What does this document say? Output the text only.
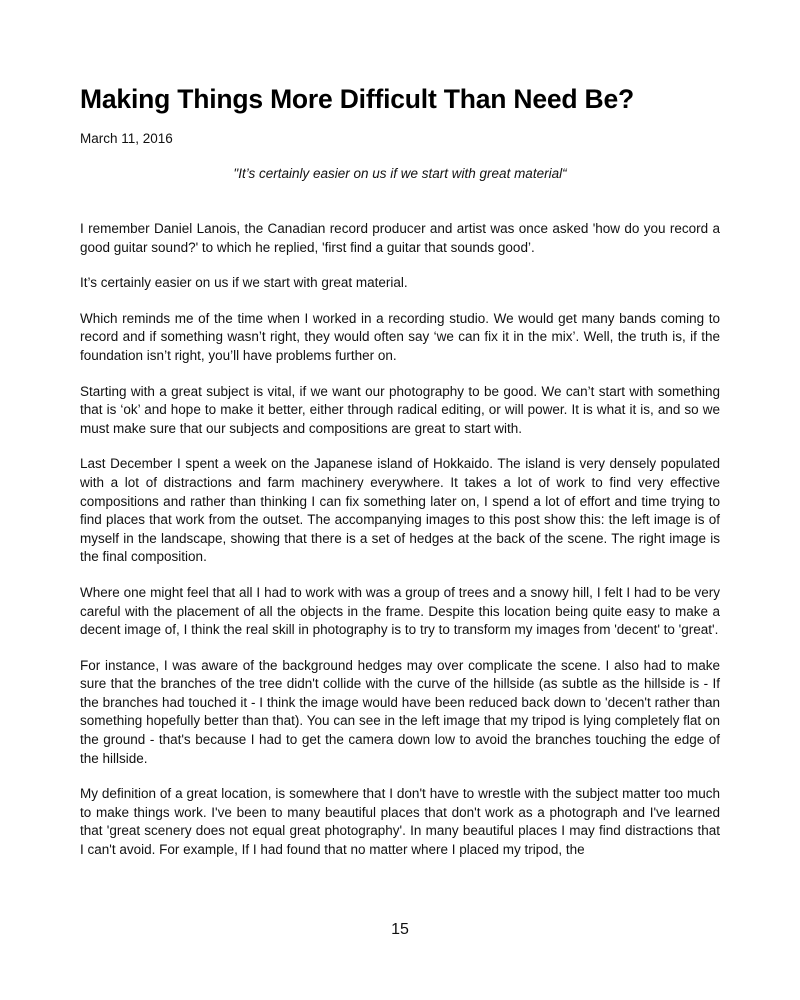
Making Things More Difficult Than Need Be?

March 11, 2016

"It’s certainly easier on us if we start with great material“

I remember Daniel Lanois, the Canadian record producer and artist was once asked 'how do you record a good guitar sound?' to which he replied, 'first find a guitar that sounds good’.

It’s certainly easier on us if we start with great material.

Which reminds me of the time when I worked in a recording studio. We would get many bands coming to record and if something wasn’t right, they would often say ‘we can fix it in the mix’. Well, the truth is, if the foundation isn’t right, you’ll have problems further on.

Starting with a great subject is vital, if we want our photography to be good. We can’t start with something that is ‘ok’ and hope to make it better, either through radical editing, or will power. It is what it is, and so we must make sure that our subjects and compositions are great to start with.

Last December I spent a week on the Japanese island of Hokkaido. The island is very densely populated with a lot of distractions and farm machinery everywhere. It takes a lot of work to find very effective compositions and rather than thinking I can fix something later on, I spend a lot of effort and time trying to find places that work from the outset. The accompanying images to this post show this: the left image is of myself in the landscape, showing that there is a set of hedges at the back of the scene. The right image is the final composition.

Where one might feel that all I had to work with was a group of trees and a snowy hill, I felt I had to be very careful with the placement of all the objects in the frame. Despite this location being quite easy to make a decent image of, I think the real skill in photography is to try to transform my images from 'decent' to 'great'.

For instance, I was aware of the background hedges may over complicate the scene. I also had to make sure that the branches of the tree didn't collide with the curve of the hillside (as subtle as the hillside is - If the branches had touched it - I think the image would have been reduced back down to 'decen't rather than something hopefully better than that). You can see in the left image that my tripod is lying completely flat on the ground - that's because I had to get the camera down low to avoid the branches touching the edge of the hillside.

My definition of a great location, is somewhere that I don't have to wrestle with the subject matter too much to make things work. I've been to many beautiful places that don't work as a photograph and I've learned that 'great scenery does not equal great photography'. In many beautiful places I may find distractions that I can't avoid. For example, If I had found that no matter where I placed my tripod, the

15
